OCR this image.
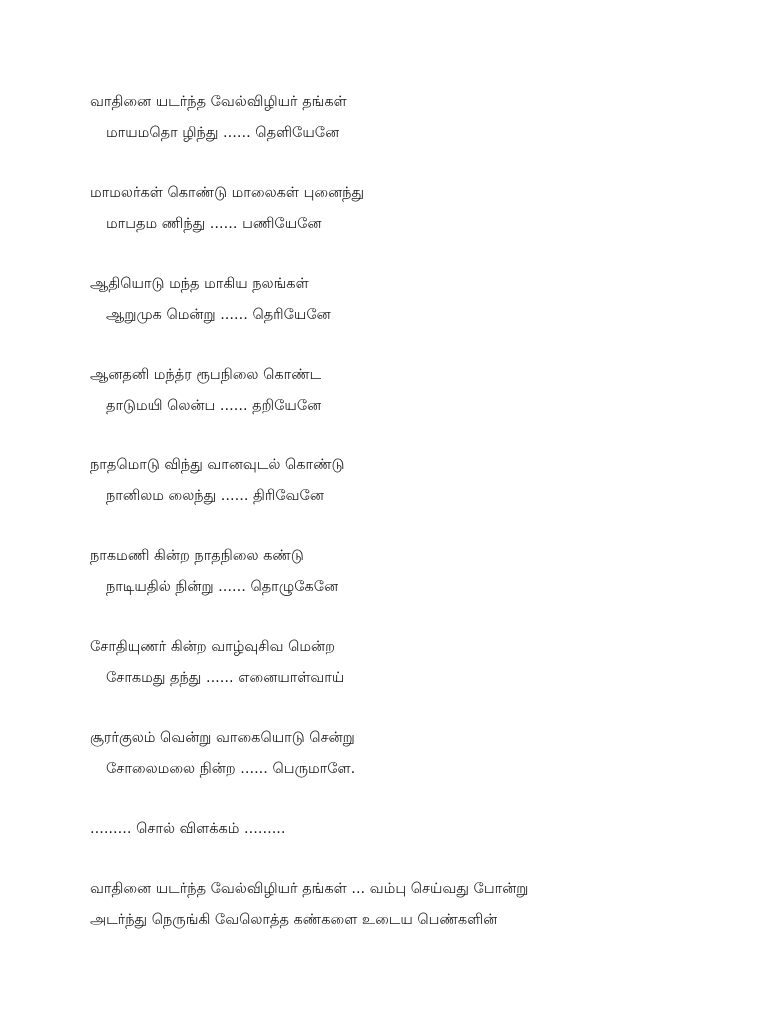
வாதினை யடர்ந்த வேல்விழியர் தங்கள்
மாயமதொ ழிந்து ...... தெளியேனே
மாமலர்கள் கொண்டு மாலைகள் புனைந்து
மாபதம ணிந்து ...... பணியேனே
ஆதியொடு மந்த மாகிய நலங்கள்
ஆறுமுக மென்று ...... தெரியேனே
ஆனதனி மந்த்ர ரூபநிலை கொண்ட
தாடுமயி லென்ப ...... தறியேனே
நாதமொடு விந்து வானவுடல் கொண்டு
நானிலம லைந்து ...... திரிவேனே
நாகமணி கின்ற நாதநிலை கண்டு
நாடியதில் நின்று ...... தொழுகேனே
சோதியுணர் கின்ற வாழ்வுசிவ மென்ற
சோகமது தந்து ...... எனையாள்வாய்
சூரர்குலம் வென்று வாகையொடு சென்று
சோலைமலை நின்ற ...... பெருமாளே.
......... சொல் விளக்கம் .........
வாதினை யடர்ந்த வேல்விழியர் தங்கள் ... வம்பு செய்வது போன்று
அடர்ந்து நெருங்கி வேலொத்த கண்களை உடைய பெண்களின்
